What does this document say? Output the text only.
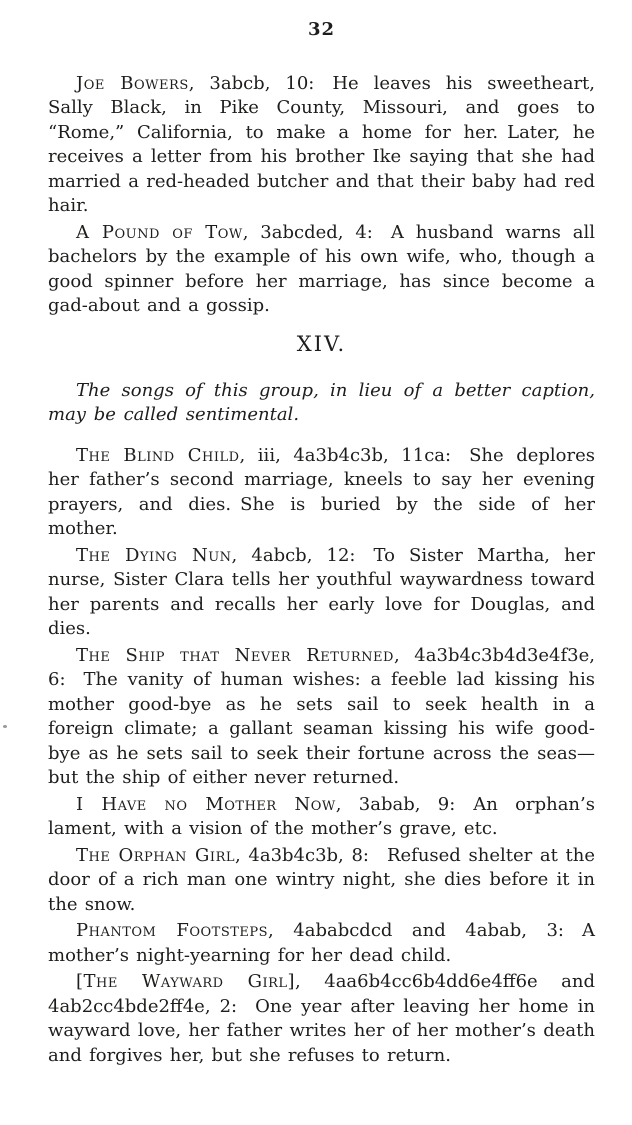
32

Joe Bowers, 3abcb, 10: He leaves his sweetheart, Sally Black, in Pike County, Missouri, and goes to “Rome,” California, to make a home for her. Later, he receives a letter from his brother Ike saying that she had married a red-headed butcher and that their baby had red hair.

A Pound of Tow, 3abcded, 4: A husband warns all bachelors by the example of his own wife, who, though a good spinner before her marriage, has since become a gad-about and a gossip.

XIV.

The songs of this group, in lieu of a better caption, may be called sentimental.

The Blind Child, iii, 4a3b4c3b, 11ca: She deplores her father’s second marriage, kneels to say her evening prayers, and dies. She is buried by the side of her mother.

The Dying Nun, 4abcb, 12: To Sister Martha, her nurse, Sister Clara tells her youthful waywardness toward her parents and recalls her early love for Douglas, and dies.

The Ship that Never Returned, 4a3b4c3b4d3e4f3e, 6: The vanity of human wishes: a feeble lad kissing his mother good-bye as he sets sail to seek health in a foreign climate; a gallant seaman kissing his wife good-bye as he sets sail to seek their fortune across the seas—but the ship of either never returned.

I Have no Mother Now, 3abab, 9: An orphan’s lament, with a vision of the mother’s grave, etc.

The Orphan Girl, 4a3b4c3b, 8: Refused shelter at the door of a rich man one wintry night, she dies before it in the snow.

Phantom Footsteps, 4ababcdcd and 4abab, 3: A mother’s night-yearning for her dead child.

[The Wayward Girl], 4aa6b4cc6b4dd6e4ff6e and 4ab2cc4bde2ff4e, 2: One year after leaving her home in wayward love, her father writes her of her mother’s death and forgives her, but she refuses to return.
